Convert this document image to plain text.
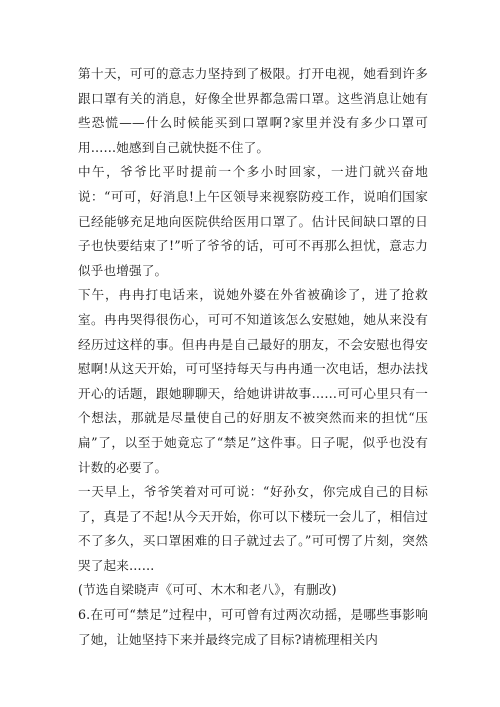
第十天，可可的意志力坚持到了极限。打开电视，她看到许多跟口罩有关的消息，好像全世界都急需口罩。这些消息让她有些恐慌——什么时候能买到口罩啊?家里并没有多少口罩可用……她感到自己就快挺不住了。

中午，爷爷比平时提前一个多小时回家，一进门就兴奋地说：“可可，好消息!上午区领导来视察防疫工作，说咱们国家已经能够充足地向医院供给医用口罩了。估计民间缺口罩的日子也快要结束了!”听了爷爷的话，可可不再那么担忧，意志力似乎也增强了。

下午，冉冉打电话来，说她外婆在外省被确诊了，进了抢救室。冉冉哭得很伤心，可可不知道该怎么安慰她，她从来没有经历过这样的事。但冉冉是自己最好的朋友，不会安慰也得安慰啊!从这天开始，可可坚持每天与冉冉通一次电话，想办法找开心的话题，跟她聊聊天，给她讲讲故事……可可心里只有一个想法，那就是尽量使自己的好朋友不被突然而来的担忧“压扁”了，以至于她竟忘了“禁足”这件事。日子呢，似乎也没有计数的必要了。

一天早上，爷爷笑着对可可说：“好孙女，你完成自己的目标了，真是了不起!从今天开始，你可以下楼玩一会儿了，相信过不了多久，买口罩困难的日子就过去了。”可可愣了片刻，突然哭了起来……

(节选自梁晓声《可可、木木和老八》，有删改)

6.在可可“禁足”过程中，可可曾有过两次动摇，是哪些事影响了她，让她坚持下来并最终完成了目标?请梳理相关内
